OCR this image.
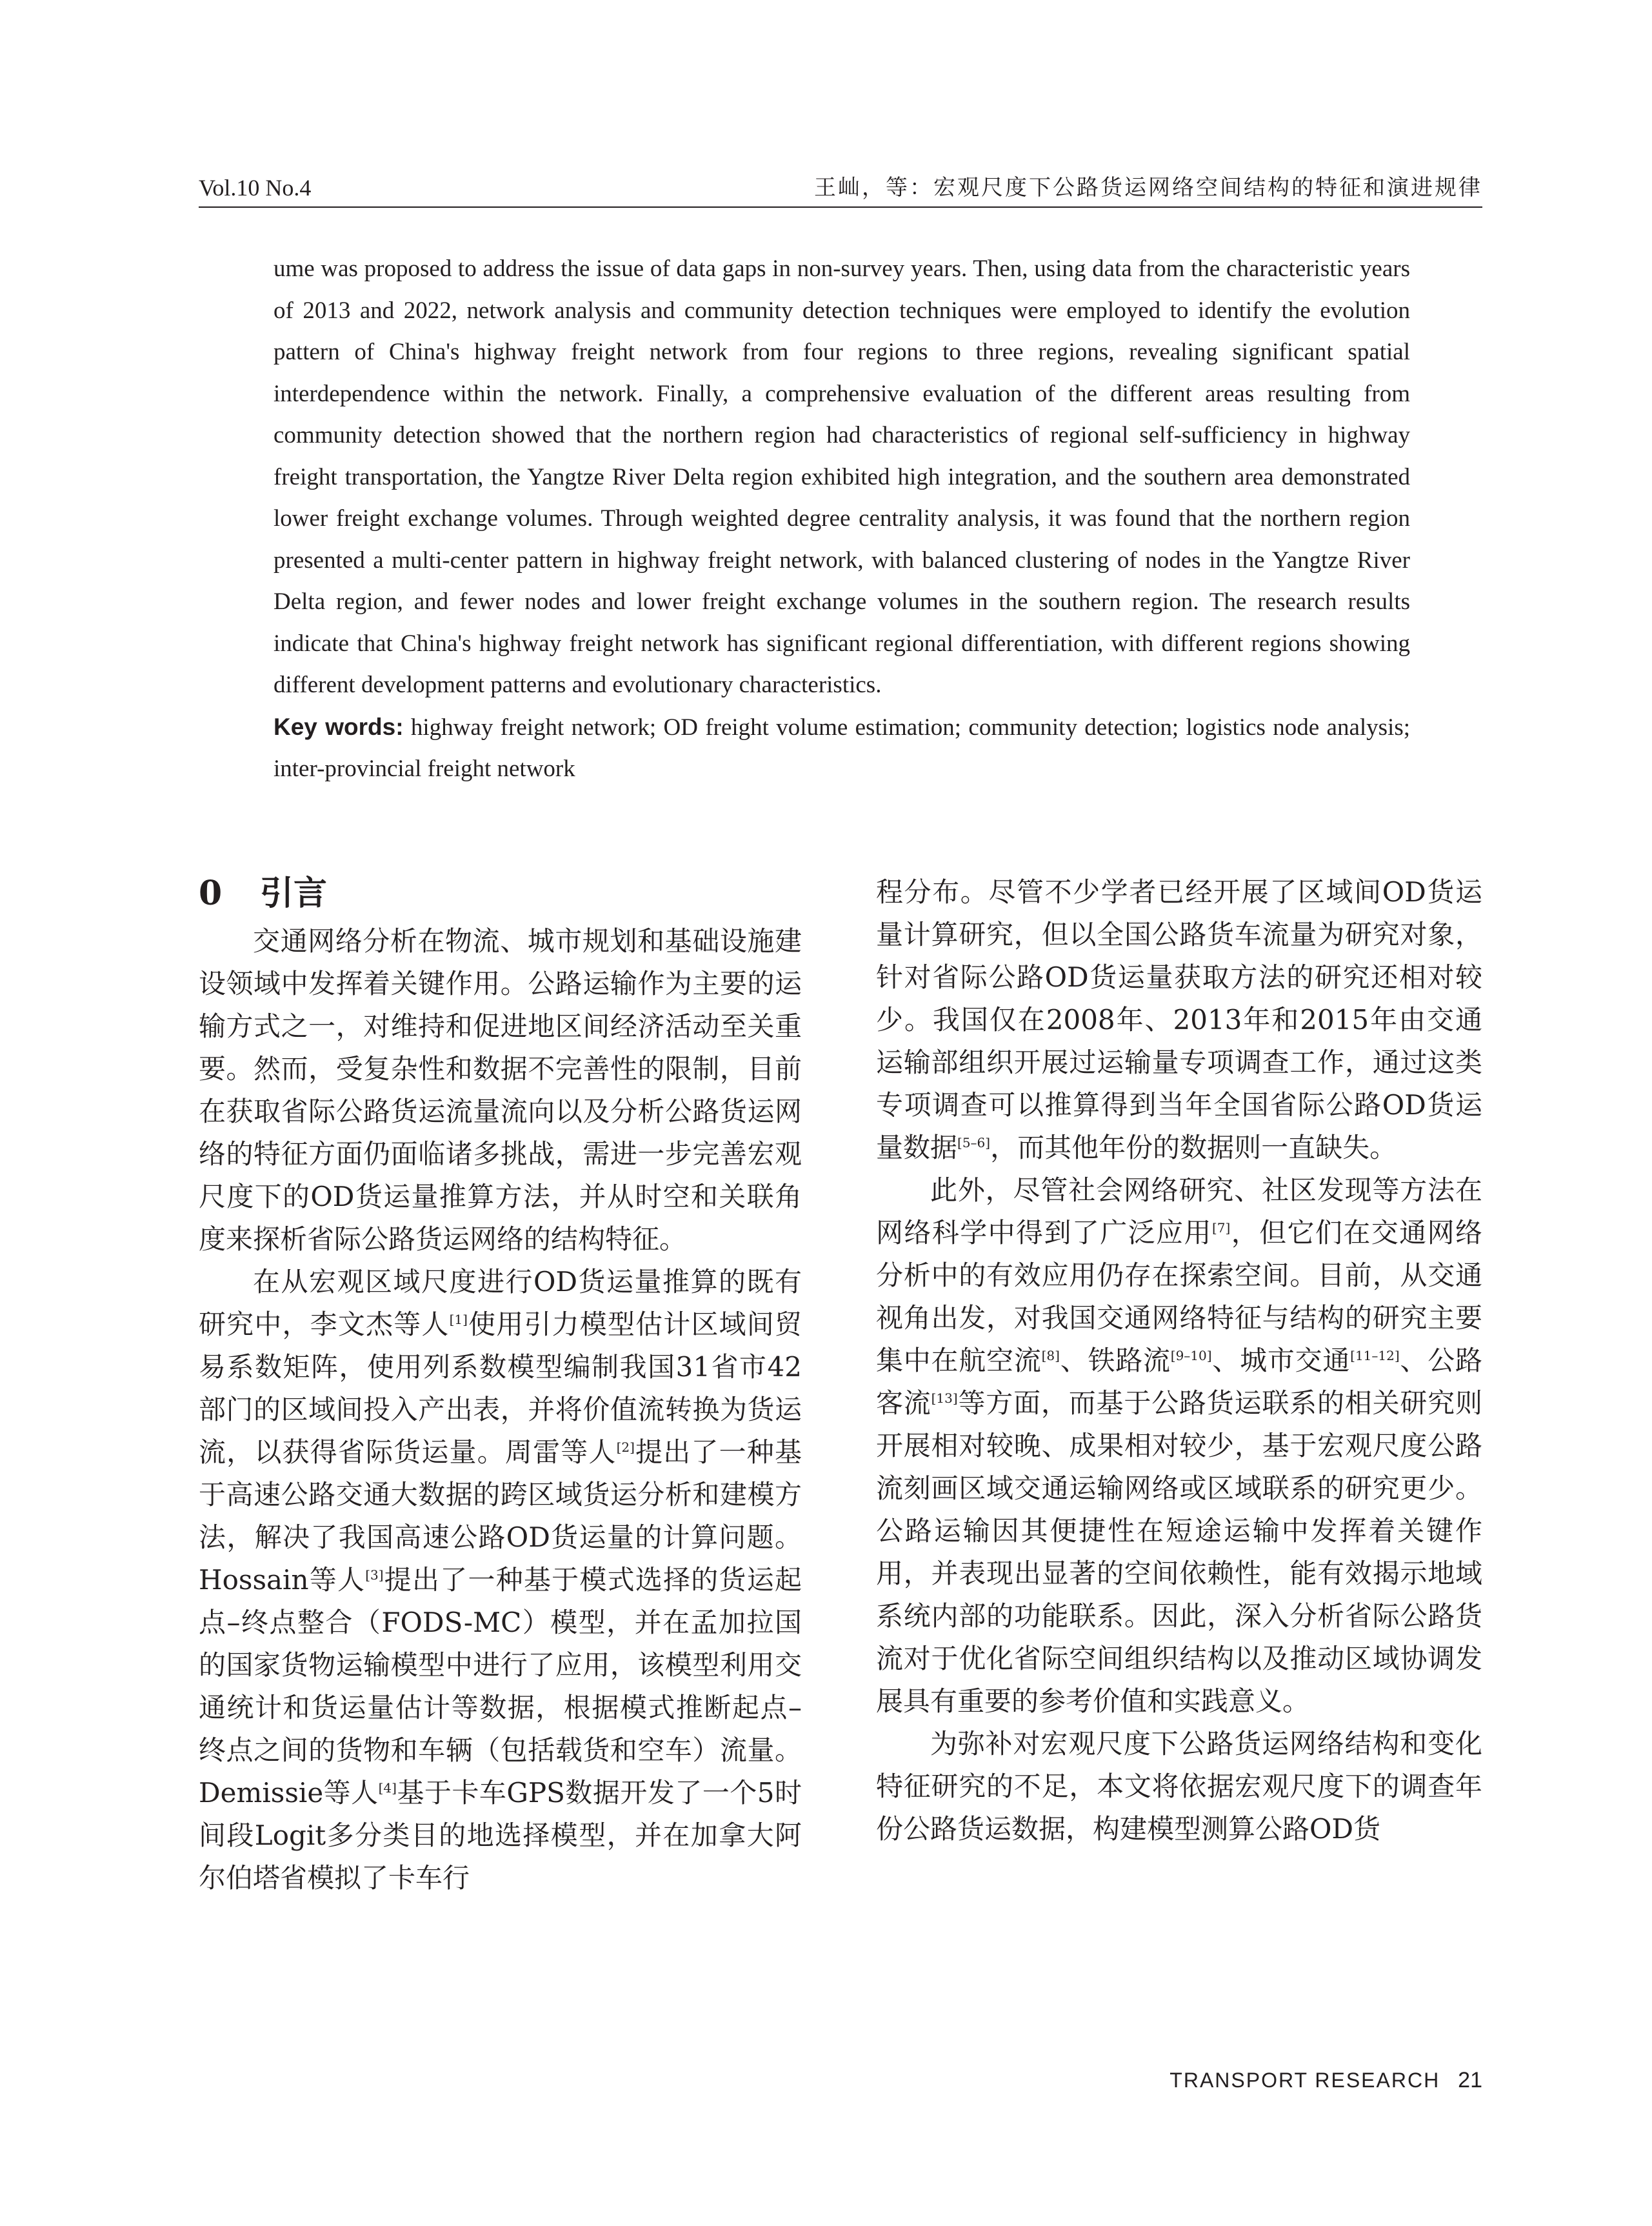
Vol.10 No.4	王屾，等：宏观尺度下公路货运网络空间结构的特征和演进规律

ume was proposed to address the issue of data gaps in non-survey years. Then, using data from the characteristic years of 2013 and 2022, network analysis and community detection techniques were employed to identify the evolution pattern of China's highway freight network from four regions to three regions, revealing significant spatial interdependence within the network. Finally, a comprehensive evaluation of the different areas resulting from community detection showed that the northern region had characteristics of regional self-sufficiency in highway freight transportation, the Yangtze River Delta region exhibited high integration, and the southern area demonstrated lower freight exchange volumes. Through weighted degree centrality analysis, it was found that the northern region presented a multi-center pattern in highway freight network, with balanced clustering of nodes in the Yangtze River Delta region, and fewer nodes and lower freight exchange volumes in the southern region. The research results indicate that China's highway freight network has significant regional differentiation, with different regions showing different development patterns and evolutionary characteristics.

Key words: highway freight network; OD freight volume estimation; community detection; logistics node analysis; inter-provincial freight network

0 引言

交通网络分析在物流、城市规划和基础设施建设领域中发挥着关键作用。公路运输作为主要的运输方式之一，对维持和促进地区间经济活动至关重要。然而，受复杂性和数据不完善性的限制，目前在获取省际公路货运流量流向以及分析公路货运网络的特征方面仍面临诸多挑战，需进一步完善宏观尺度下的OD货运量推算方法，并从时空和关联角度来探析省际公路货运网络的结构特征。

在从宏观区域尺度进行OD货运量推算的既有研究中，李文杰等人[1]使用引力模型估计区域间贸易系数矩阵，使用列系数模型编制我国31省市42部门的区域间投入产出表，并将价值流转换为货运流，以获得省际货运量。周雷等人[2]提出了一种基于高速公路交通大数据的跨区域货运分析和建模方法，解决了我国高速公路OD货运量的计算问题。Hossain等人[3]提出了一种基于模式选择的货运起点–终点整合（FODS-MC）模型，并在孟加拉国的国家货物运输模型中进行了应用，该模型利用交通统计和货运量估计等数据，根据模式推断起点–终点之间的货物和车辆（包括载货和空车）流量。Demissie等人[4]基于卡车GPS数据开发了一个5时间段Logit多分类目的地选择模型，并在加拿大阿尔伯塔省模拟了卡车行

程分布。尽管不少学者已经开展了区域间OD货运量计算研究，但以全国公路货车流量为研究对象，针对省际公路OD货运量获取方法的研究还相对较少。我国仅在2008年、2013年和2015年由交通运输部组织开展过运输量专项调查工作，通过这类专项调查可以推算得到当年全国省际公路OD货运量数据[5–6]，而其他年份的数据则一直缺失。

此外，尽管社会网络研究、社区发现等方法在网络科学中得到了广泛应用[7]，但它们在交通网络分析中的有效应用仍存在探索空间。目前，从交通视角出发，对我国交通网络特征与结构的研究主要集中在航空流[8]、铁路流[9–10]、城市交通[11–12]、公路客流[13]等方面，而基于公路货运联系的相关研究则开展相对较晚、成果相对较少，基于宏观尺度公路流刻画区域交通运输网络或区域联系的研究更少。公路运输因其便捷性在短途运输中发挥着关键作用，并表现出显著的空间依赖性，能有效揭示地域系统内部的功能联系。因此，深入分析省际公路货流对于优化省际空间组织结构以及推动区域协调发展具有重要的参考价值和实践意义。

为弥补对宏观尺度下公路货运网络结构和变化特征研究的不足，本文将依据宏观尺度下的调查年份公路货运数据，构建模型测算公路OD货

TRANSPORT RESEARCH 21
